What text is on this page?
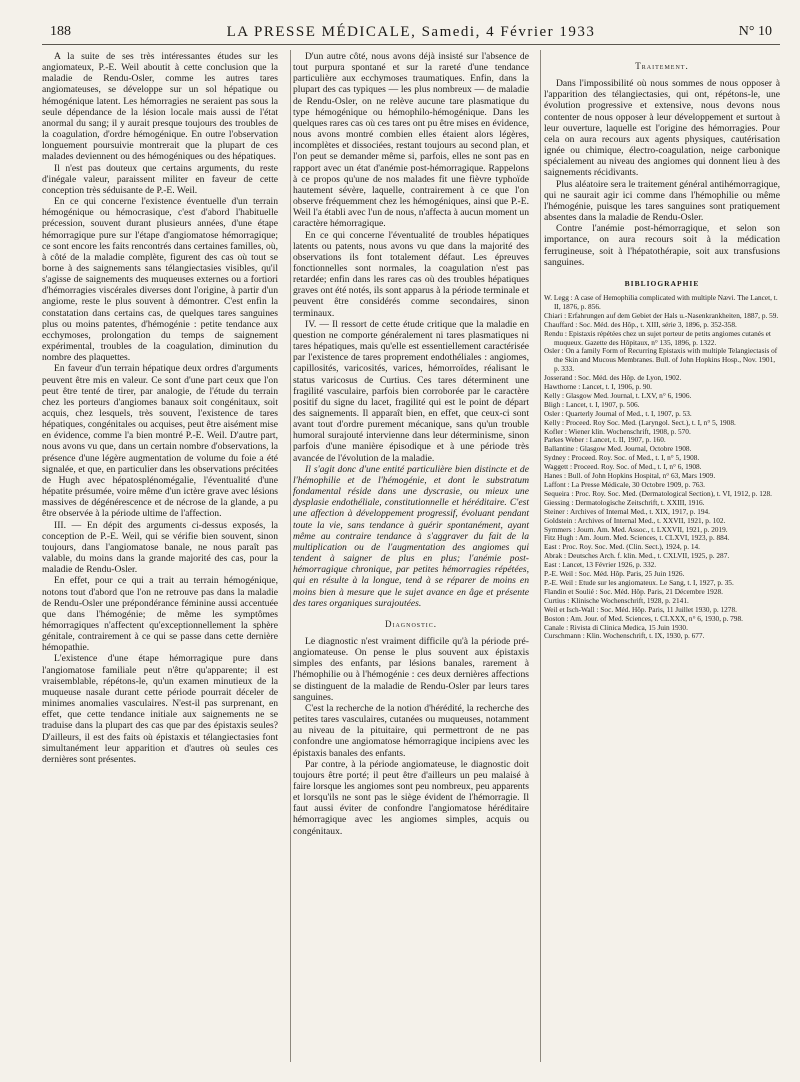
188	LA PRESSE MÉDICALE, Samedi, 4 Février 1933	N° 10

A la suite de ses très intéressantes études sur les angiomateux, P.-E. Weil aboutit à cette conclusion que la maladie de Rendu-Osler, comme les autres tares angiomateuses, se développe sur un sol hépatique ou hémogénique latent. Les hémorragies ne seraient pas sous la seule dépendance de la lésion locale mais aussi de l'état anormal du sang; il y aurait presque toujours des troubles de la coagulation, d'ordre hémogénique. En outre l'observation longuement poursuivie montrerait que la plupart de ces malades deviennent ou des hémogéniques ou des hépatiques.

Il n'est pas douteux que certains arguments, du reste d'inégale valeur, paraissent militer en faveur de cette conception très séduisante de P.-E. Weil.

En ce qui concerne l'existence éventuelle d'un terrain hémogénique ou hémocrasique, c'est d'abord l'habituelle précession, souvent durant plusieurs années, d'une étape hémorragique pure sur l'étape d'angiomatose hémorragique; ce sont encore les faits rencontrés dans certaines familles, où, à côté de la maladie complète, figurent des cas où tout se borne à des saignements sans télangiectasies visibles, qu'il s'agisse de saignements des muqueuses externes ou a fortiori d'hémorragies viscérales diverses dont l'origine, à partir d'un angiome, reste le plus souvent à démontrer. C'est enfin la constatation dans certains cas, de quelques tares sanguines plus ou moins patentes, d'hémogénie : petite tendance aux ecchymoses, prolongation du temps de saignement expérimental, troubles de la coagulation, diminution du nombre des plaquettes.

En faveur d'un terrain hépatique deux ordres d'arguments peuvent être mis en valeur. Ce sont d'une part ceux que l'on peut être tenté de tirer, par analogie, de l'étude du terrain chez les porteurs d'angiomes banaux soit congénitaux, soit acquis, chez lesquels, très souvent, l'existence de tares hépatiques, congénitales ou acquises, peut être aisément mise en évidence, comme l'a bien montré P.-E. Weil. D'autre part, nous avons vu que, dans un certain nombre d'observations, la présence d'une légère augmentation de volume du foie a été signalée, et que, en particulier dans les observations précitées de Hugh avec hépatosplénomégalie, l'éventualité d'une hépatite présumée, voire même d'un ictère grave avec lésions massives de dégénérescence et de nécrose de la glande, a pu être observée à la période ultime de l'affection.

III. — En dépit des arguments ci-dessus exposés, la conception de P.-E. Weil, qui se vérifie bien souvent, sinon toujours, dans l'angiomatose banale, ne nous paraît pas valable, du moins dans la grande majorité des cas, pour la maladie de Rendu-Osler.

En effet, pour ce qui a trait au terrain hémogénique, notons tout d'abord que l'on ne retrouve pas dans la maladie de Rendu-Osler une prépondérance féminine aussi accentuée que dans l'hémogénie; de même les symptômes hémorragiques n'affectent qu'exceptionnellement la sphère génitale, contrairement à ce qui se passe dans cette dernière hémopathie.

L'existence d'une étape hémorragique pure dans l'angiomatose familiale peut n'être qu'apparente; il est vraisemblable, répétons-le, qu'un examen minutieux de la muqueuse nasale durant cette période pourrait déceler de minimes anomalies vasculaires. N'est-il pas surprenant, en effet, que cette tendance initiale aux saignements ne se traduise dans la plupart des cas que par des épistaxis seules? D'ailleurs, il est des faits où épistaxis et télangiectasies font simultanément leur apparition et d'autres où seules ces dernières sont présentes.

D'un autre côté, nous avons déjà insisté sur l'absence de tout purpura spontané et sur la rareté d'une tendance particulière aux ecchymoses traumatiques. Enfin, dans la plupart des cas typiques — les plus nombreux — de maladie de Rendu-Osler, on ne relève aucune tare plasmatique du type hémogénique ou hémophilo-hémogénique. Dans les quelques rares cas où ces tares ont pu être mises en évidence, nous avons montré combien elles étaient alors légères, incomplètes et dissociées, restant toujours au second plan, et l'on peut se demander même si, parfois, elles ne sont pas en rapport avec un état d'anémie post-hémorragique. Rappelons à ce propos qu'une de nos malades fit une fièvre typhoïde hautement sévère, laquelle, contrairement à ce que l'on observe fréquemment chez les hémogéniques, ainsi que P.-E. Weil l'a établi avec l'un de nous, n'affecta à aucun moment un caractère hémorragique.

En ce qui concerne l'éventualité de troubles hépatiques latents ou patents, nous avons vu que dans la majorité des observations ils font totalement défaut. Les épreuves fonctionnelles sont normales, la coagulation n'est pas retardée; enfin dans les rares cas où des troubles hépatiques graves ont été notés, ils sont apparus à la période terminale et peuvent être considérés comme secondaires, sinon terminaux.

IV. — Il ressort de cette étude critique que la maladie en question ne comporte généralement ni tares plasmatiques ni tares hépatiques, mais qu'elle est essentiellement caractérisée par l'existence de tares proprement endothéliales : angiomes, capillosités, varicosités, varices, hémorroïdes, réalisant le status varicosus de Curtius. Ces tares déterminent une fragilité vasculaire, parfois bien corroborée par le caractère positif du signe du lacet, fragilité qui est le point de départ des saignements. Il apparaît bien, en effet, que ceux-ci sont avant tout d'ordre purement mécanique, sans qu'un trouble humoral surajouté intervienne dans leur déterminisme, sinon parfois d'une manière épisodique et à une période très avancée de l'évolution de la maladie.

Il s'agit donc d'une entité particulière bien distincte et de l'hémophilie et de l'hémogénie, et dont le substratum fondamental réside dans une dyscrasie, ou mieux une dysplasie endothéliale, constitutionnelle et héréditaire. C'est une affection à développement progressif, évoluant pendant toute la vie, sans tendance à guérir spontanément, ayant même au contraire tendance à s'aggraver du fait de la multiplication ou de l'augmentation des angiomes qui tendent à saigner de plus en plus; l'anémie post-hémorragique chronique, par petites hémorragies répétées, qui en résulte à la longue, tend à se réparer de moins en moins bien à mesure que le sujet avance en âge et présente des tares organiques surajoutées.

Diagnostic.

Le diagnostic n'est vraiment difficile qu'à la période pré-angiomateuse. On pense le plus souvent aux épistaxis simples des enfants, par lésions banales, rarement à l'hémophilie ou à l'hémogénie : ces deux dernières affections se distinguent de la maladie de Rendu-Osler par leurs tares sanguines.

C'est la recherche de la notion d'hérédité, la recherche des petites tares vasculaires, cutanées ou muqueuses, notamment au niveau de la pituitaire, qui permettront de ne pas confondre une angiomatose hémorragique incipiens avec les épistaxis banales des enfants.

Par contre, à la période angiomateuse, le diagnostic doit toujours être porté; il peut être d'ailleurs un peu malaisé à faire lorsque les angiomes sont peu nombreux, peu apparents et lorsqu'ils ne sont pas le siège évident de l'hémorragie. Il faut aussi éviter de confondre l'angiomatose héréditaire hémorragique avec les angiomes simples, acquis ou congénitaux.

Traitement.

Dans l'impossibilité où nous sommes de nous opposer à l'apparition des télangiectasies, qui ont, répétons-le, une évolution progressive et extensive, nous devons nous contenter de nous opposer à leur développement et surtout à leur ouverture, laquelle est l'origine des hémorragies. Pour cela on aura recours aux agents physiques, cautérisation ignée ou chimique, électro-coagulation, neige carbonique spécialement au niveau des angiomes qui donnent lieu à des saignements récidivants.

Plus aléatoire sera le traitement général antihémorragique, qui ne saurait agir ici comme dans l'hémophilie ou même l'hémogénie, puisque les tares sanguines sont pratiquement absentes dans la maladie de Rendu-Osler.

Contre l'anémie post-hémorragique, et selon son importance, on aura recours soit à la médication ferrugineuse, soit à l'hépatothérapie, soit aux transfusions sanguines.

BIBLIOGRAPHIE

W. Legg : A case of Hemophilia complicated with multiple Nævi. The Lancet, t. II, 1876, p. 856.

Chiari : Erfahrungen auf dem Gebiet der Hals u.-Nasenkrankheiten, 1887, p. 59.

Chauffard : Soc. Méd. des Hôp., t. XIII, série 3, 1896, p. 352-358.

Rendu : Epistaxis répétées chez un sujet porteur de petits angiomes cutanés et muqueux. Gazette des Hôpitaux, n° 135, 1896, p. 1322.

Osler : On a family Form of Recurring Epistaxis with multiple Telangiectasis of the Skin and Mucous Membranes. Bull. of John Hopkins Hosp., Nov. 1901, p. 333.

Josserand : Soc. Méd. des Hôp. de Lyon, 1902.

Hawthorne : Lancet, t. I, 1906, p. 90.

Kelly : Glasgow Med. Journal, t. LXV, n° 6, 1906.

Bligh : Lancet, t. I, 1907, p. 506.

Osler : Quarterly Journal of Med., t. I, 1907, p. 53.

Kelly : Proceed. Roy Soc. Med. (Laryngol. Sect.), t. I, n° 5, 1908.

Kofler : Wiener klin. Wochenschrift, 1908, p. 570.

Parkes Weber : Lancet, t. II, 1907, p. 160.

Ballantine : Glasgow Med. Journal, Octobre 1908.

Sydney : Proceed. Roy. Soc. of Med., t. I, n° 5, 1908.

Waggett : Proceed. Roy. Soc. of Med., t. I, n° 6, 1908.

Hanes : Bull. of John Hopkins Hospital, n° 63, Mars 1909.

Laffont : La Presse Médicale, 30 Octobre 1909, p. 763.

Sequeira : Proc. Roy. Soc. Med. (Dermatological Section), t. VI, 1912, p. 128.

Giessing : Dermatologische Zeitschrift, t. XXIII, 1916.

Steiner : Archives of Internal Med., t. XIX, 1917, p. 194.

Goldstein : Archives of Internal Med., t. XXVII, 1921, p. 102.

Symmers : Journ. Am. Med. Assoc., t. LXXVII, 1921, p. 2019.

Fitz Hugh : Am. Journ. Med. Sciences, t. CLXVI, 1923, p. 884.

East : Proc. Roy. Soc. Med. (Clin. Sect.), 1924, p. 14.

Abrak : Deutsches Arch. f. klin. Med., t. CXLVII, 1925, p. 287.

East : Lancet, 13 Février 1926, p. 332.

P.-E. Weil : Soc. Méd. Hôp. Paris, 25 Juin 1926.

P.-E. Weil : Etude sur les angiomateux. Le Sang, t. I, 1927, p. 35.

Flandin et Soulié : Soc. Méd. Hôp. Paris, 21 Décembre 1928.

Curtius : Klinische Wochenschrift, 1928, p. 2141.

Weil et Isch-Wall : Soc. Méd. Hôp. Paris, 11 Juillet 1930, p. 1278.

Boston : Am. Jour. of Med. Sciences, t. CLXXX, n° 6, 1930, p. 798.

Canale : Rivista di Clinica Medica, 15 Juin 1930.

Curschmann : Klin. Wochenschrift, t. IX, 1930, p. 677.
